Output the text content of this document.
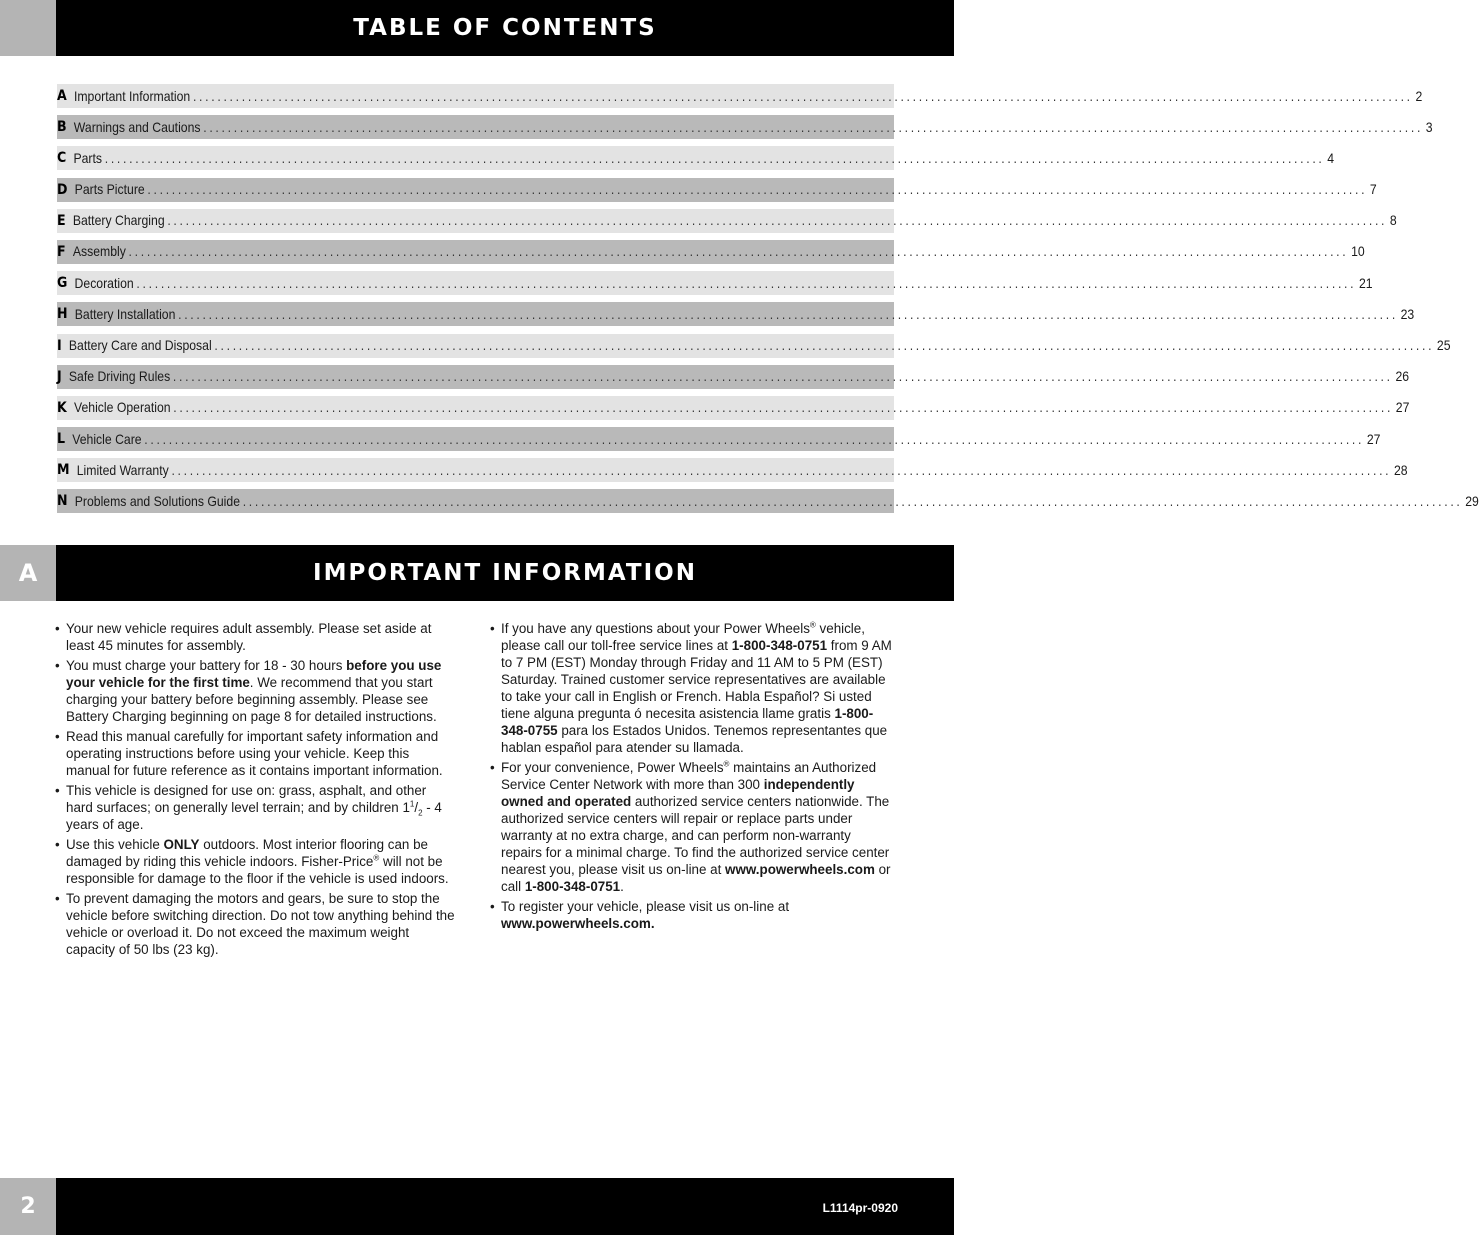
TABLE OF CONTENTS
A Important Information ........................................................................................................................................................................................................ 2
B Warnings and Cautions ........................................................................................................................................................................................................ 3
C Parts ........................................................................................................................................................................................................ 4
D Parts Picture ........................................................................................................................................................................................................ 7
E Battery Charging ........................................................................................................................................................................................................ 8
F Assembly ........................................................................................................................................................................................................ 10
G Decoration ........................................................................................................................................................................................................ 21
H Battery Installation ........................................................................................................................................................................................................ 23
I Battery Care and Disposal ........................................................................................................................................................................................................ 25
J Safe Driving Rules ........................................................................................................................................................................................................ 26
K Vehicle Operation ........................................................................................................................................................................................................ 27
L Vehicle Care ........................................................................................................................................................................................................ 27
M Limited Warranty ........................................................................................................................................................................................................ 28
N Problems and Solutions Guide ........................................................................................................................................................................................................ 29
A	IMPORTANT INFORMATION
• Your new vehicle requires adult assembly. Please set aside at least 45 minutes for assembly.
• You must charge your battery for 18 - 30 hours before you use your vehicle for the first time. We recommend that you start charging your battery before beginning assembly. Please see Battery Charging beginning on page 8 for detailed instructions.
• Read this manual carefully for important safety information and operating instructions before using your vehicle. Keep this manual for future reference as it contains important information.
• This vehicle is designed for use on: grass, asphalt, and other hard surfaces; on generally level terrain; and by children $1^1/_2 - 4$ years of age.
• Use this vehicle ONLY outdoors. Most interior flooring can be damaged by riding this vehicle indoors. Fisher-Price® will not be responsible for damage to the floor if the vehicle is used indoors.
• To prevent damaging the motors and gears, be sure to stop the vehicle before switching direction. Do not tow anything behind the vehicle or overload it. Do not exceed the maximum weight capacity of 50 lbs (23 kg).
• If you have any questions about your Power Wheels® vehicle, please call our toll-free service lines at 1-800-348-0751 from 9 AM to 7 PM (EST) Monday through Friday and 11 AM to 5 PM (EST) Saturday. Trained customer service representatives are available to take your call in English or French. Habla Español? Si usted tiene alguna pregunta ó necesita asistencia llame gratis 1-800-348-0755 para los Estados Unidos. Tenemos representantes que hablan español para atender su llamada.
• For your convenience, Power Wheels® maintains an Authorized Service Center Network with more than 300 independently owned and operated authorized service centers nationwide. The authorized service centers will repair or replace parts under warranty at no extra charge, and can perform non-warranty repairs for a minimal charge. To find the authorized service center nearest you, please visit us on-line at www.powerwheels.com or call 1-800-348-0751.
• To register your vehicle, please visit us on-line at
www.powerwheels.com.
2	L1114pr-0920
